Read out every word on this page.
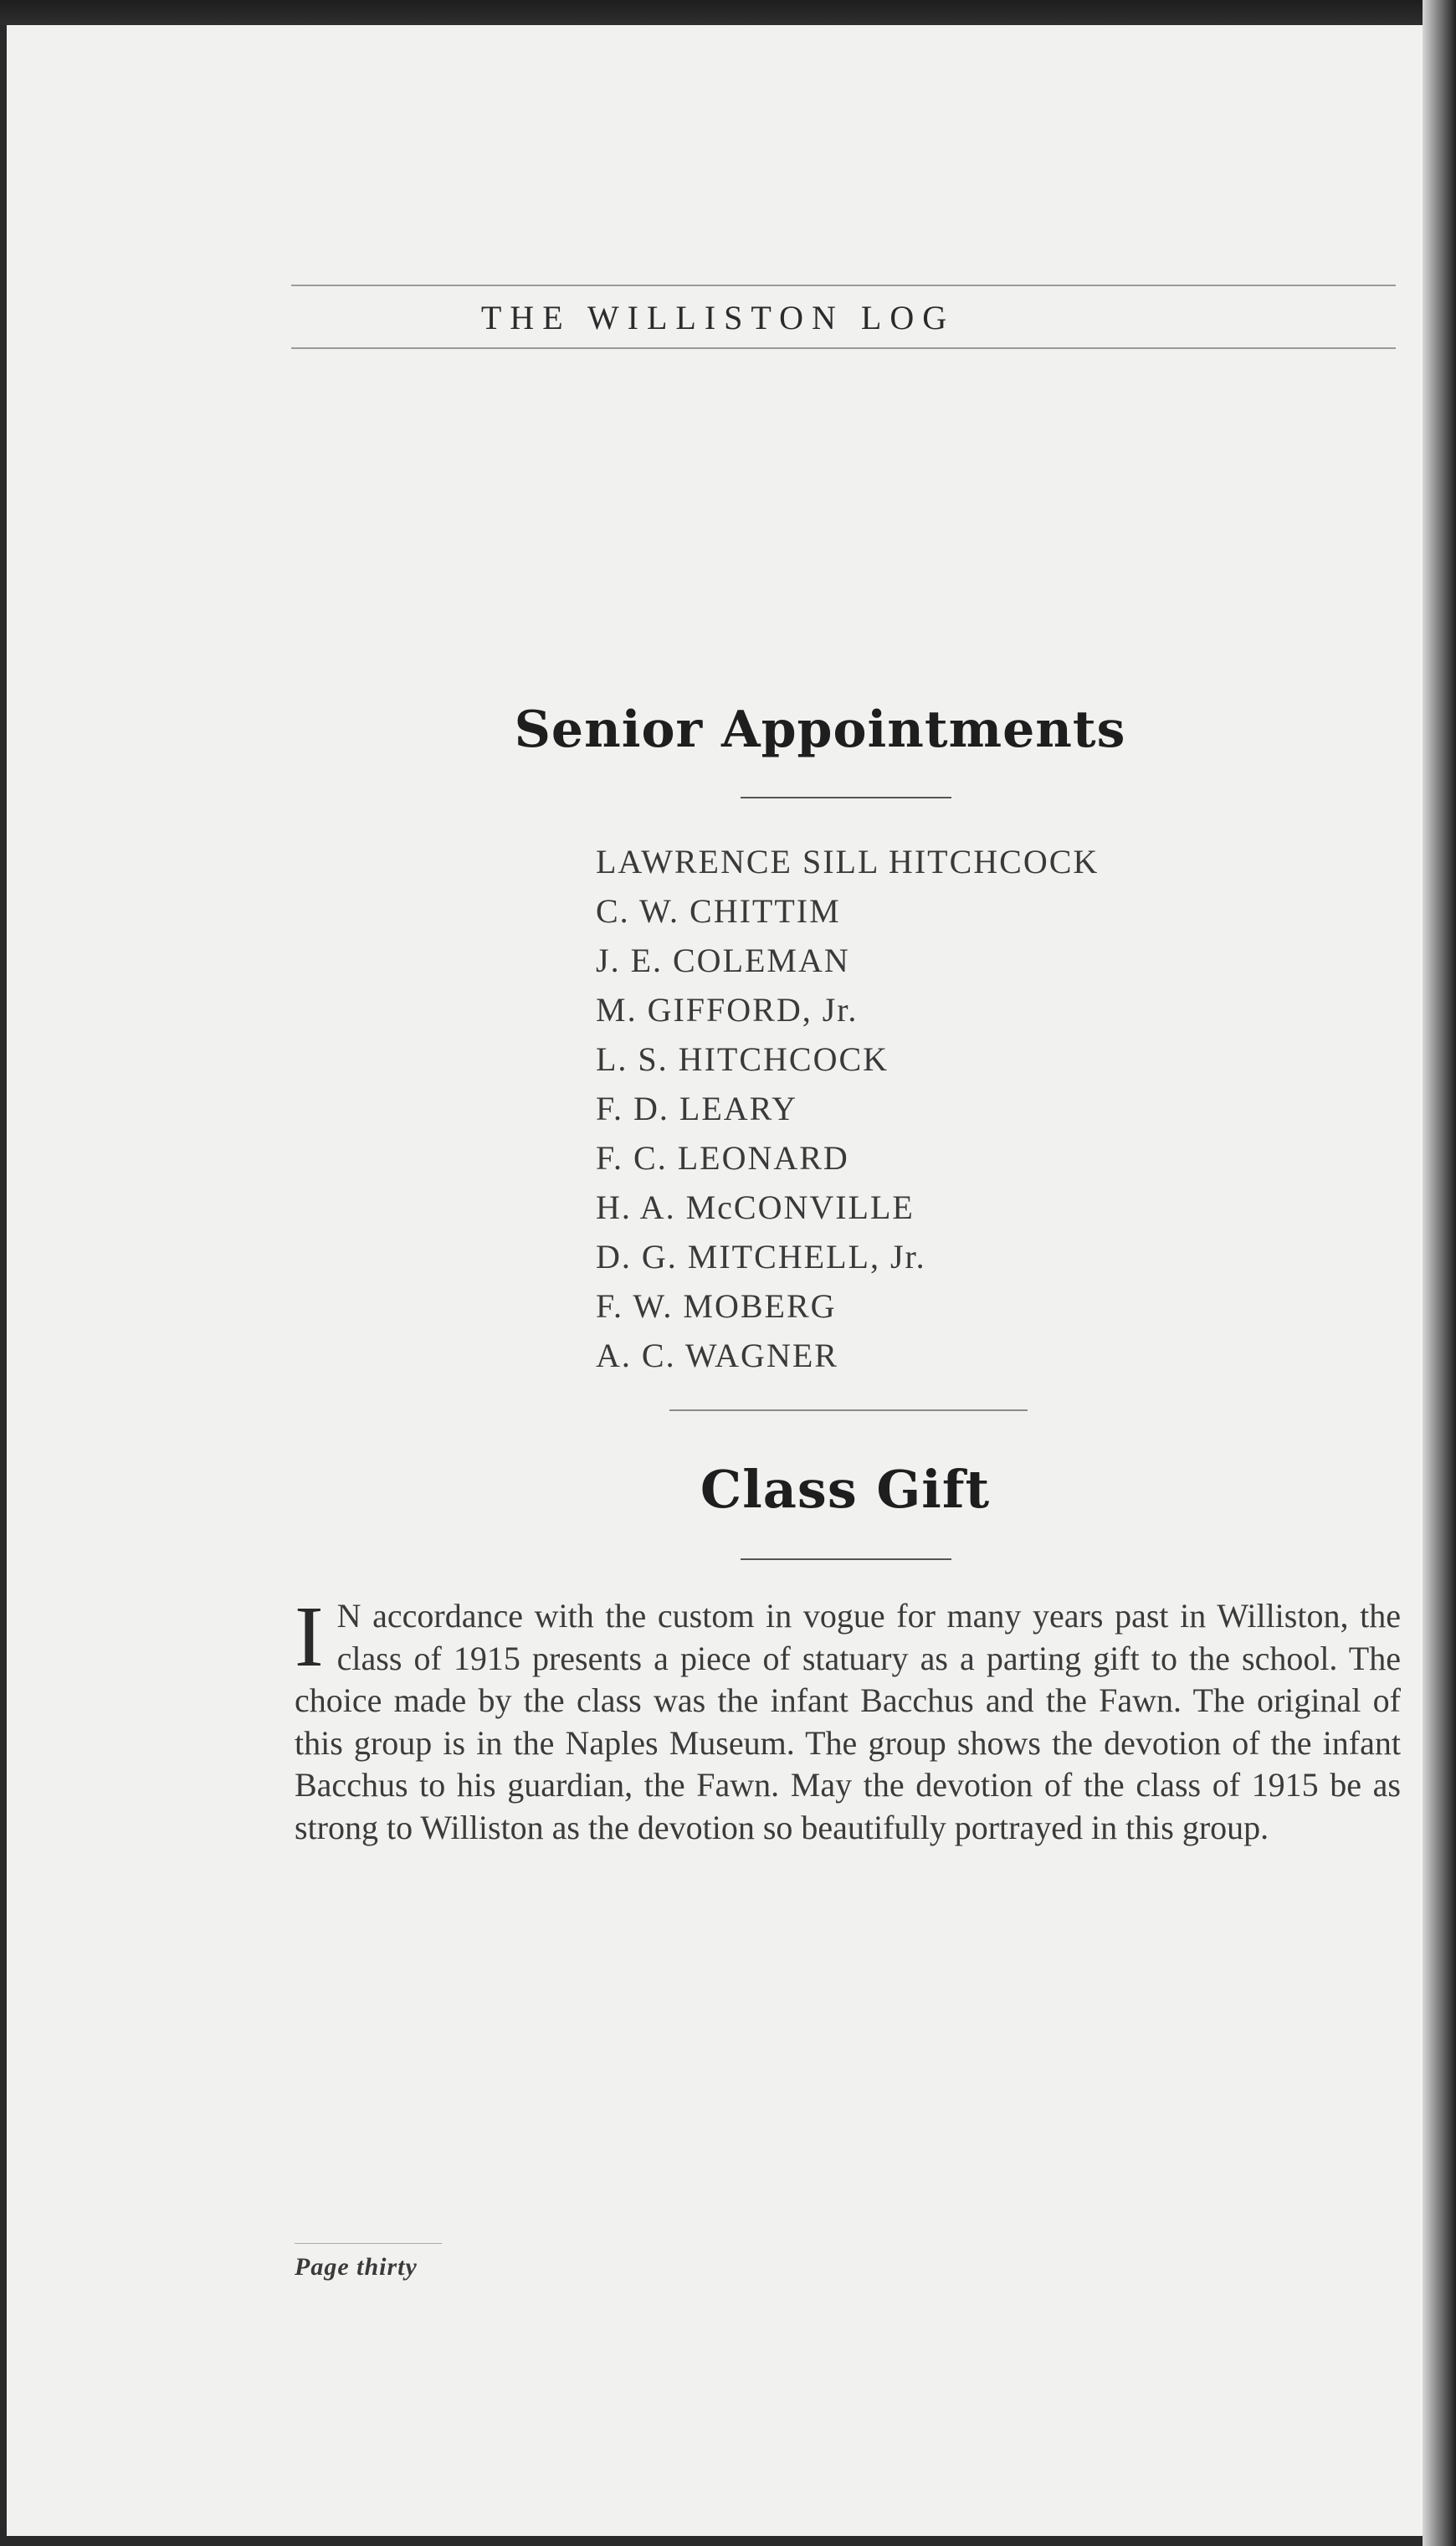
THE WILLISTON LOG
Senior Appointments
LAWRENCE SILL HITCHCOCK
C. W. CHITTIM
J. E. COLEMAN
M. GIFFORD, Jr.
L. S. HITCHCOCK
F. D. LEARY
F. C. LEONARD
H. A. McCONVILLE
D. G. MITCHELL, Jr.
F. W. MOBERG
A. C. WAGNER
Class Gift

I N accordance with the custom in vogue for many years past in Williston, the class of 1915 presents a piece of statuary as a parting gift to the school. The choice made by the class was the infant Bacchus and the Fawn. The original of this group is in the Naples Museum. The group shows the devotion of the infant Bacchus to his guardian, the Fawn. May the devotion of the class of 1915 be as strong to Williston as the devotion so beautifully portrayed in this group.

Page thirty
